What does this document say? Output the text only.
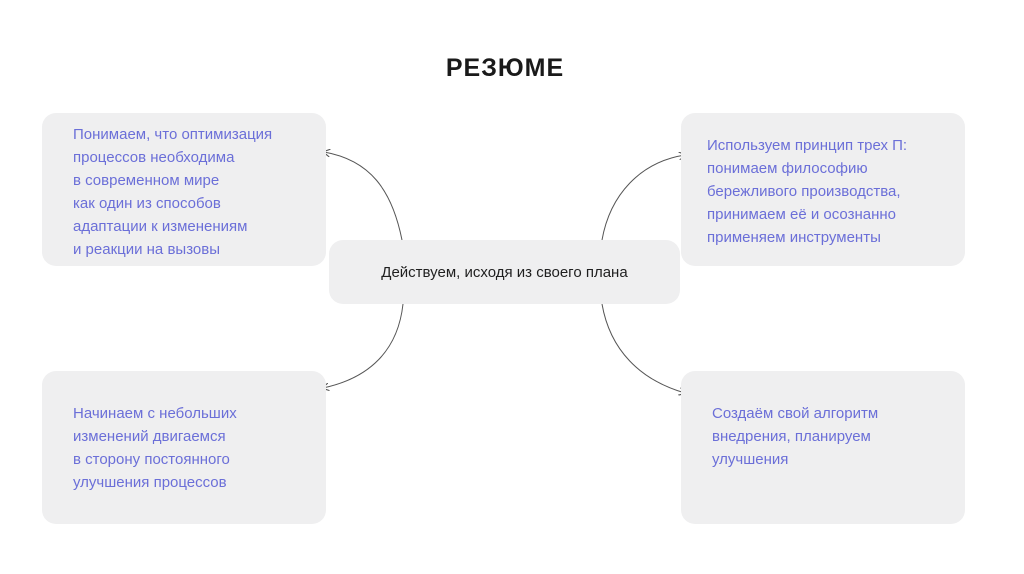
РЕЗЮМЕ
Понимаем, что оптимизация
процессов необходима
в современном мире
как один из способов
адаптации к изменениям
и реакции на вызовы
Используем принцип трех П:
понимаем философию
бережливого производства,
принимаем её и осознанно
применяем инструменты
Начинаем с небольших
изменений двигаемся
в сторону постоянного
улучшения процессов
Создаём свой алгоритм
внедрения, планируем
улучшения
Действуем, исходя из своего плана
